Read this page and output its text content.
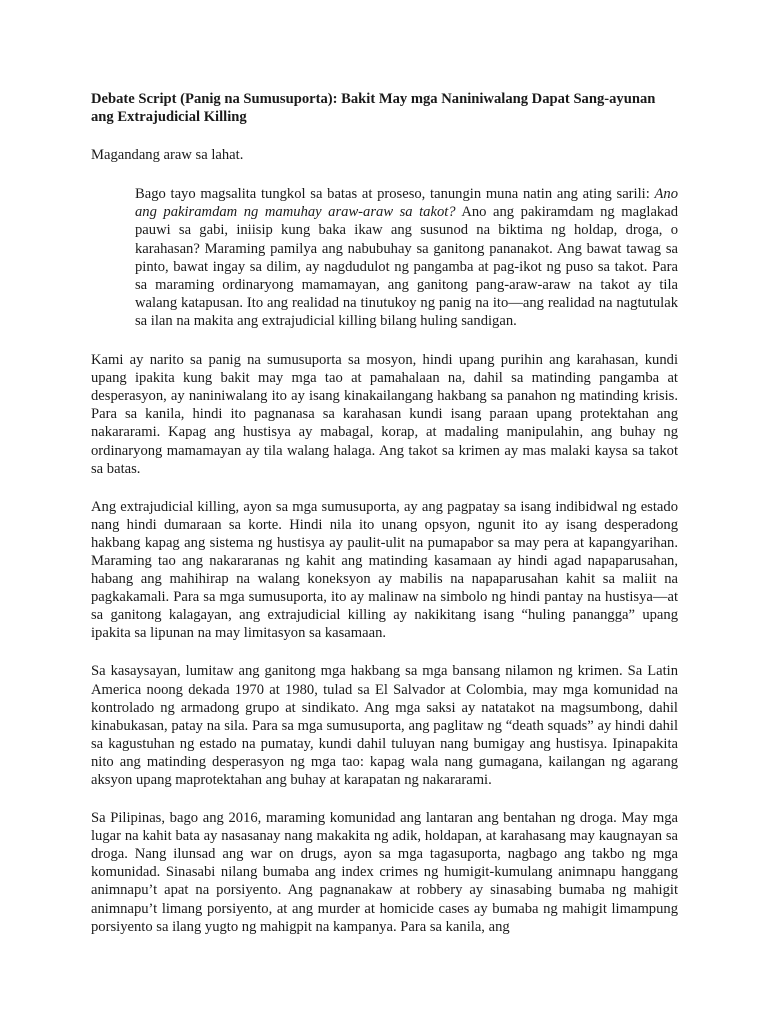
Debate Script (Panig na Sumusuporta): Bakit May mga Naniniwalang Dapat Sang-ayunan ang Extrajudicial Killing
Magandang araw sa lahat.
Bago tayo magsalita tungkol sa batas at proseso, tanungin muna natin ang ating sarili: Ano ang pakiramdam ng mamuhay araw-araw sa takot? Ano ang pakiramdam ng maglakad pauwi sa gabi, iniisip kung baka ikaw ang susunod na biktima ng holdap, droga, o karahasan? Maraming pamilya ang nabubuhay sa ganitong pananakot. Ang bawat tawag sa pinto, bawat ingay sa dilim, ay nagdudulot ng pangamba at pag-ikot ng puso sa takot. Para sa maraming ordinaryong mamamayan, ang ganitong pang-araw-araw na takot ay tila walang katapusan. Ito ang realidad na tinutukoy ng panig na ito—ang realidad na nagtutulak sa ilan na makita ang extrajudicial killing bilang huling sandigan.
Kami ay narito sa panig na sumusuporta sa mosyon, hindi upang purihin ang karahasan, kundi upang ipakita kung bakit may mga tao at pamahalaan na, dahil sa matinding pangamba at desperasyon, ay naniniwalang ito ay isang kinakailangang hakbang sa panahon ng matinding krisis. Para sa kanila, hindi ito pagnanasa sa karahasan kundi isang paraan upang protektahan ang nakararami. Kapag ang hustisya ay mabagal, korap, at madaling manipulahin, ang buhay ng ordinaryong mamamayan ay tila walang halaga. Ang takot sa krimen ay mas malaki kaysa sa takot sa batas.
Ang extrajudicial killing, ayon sa mga sumusuporta, ay ang pagpatay sa isang indibidwal ng estado nang hindi dumaraan sa korte. Hindi nila ito unang opsyon, ngunit ito ay isang desperadong hakbang kapag ang sistema ng hustisya ay paulit-ulit na pumapabor sa may pera at kapangyarihan. Maraming tao ang nakararanas ng kahit ang matinding kasamaan ay hindi agad napaparusahan, habang ang mahihirap na walang koneksyon ay mabilis na napaparusahan kahit sa maliit na pagkakamali. Para sa mga sumusuporta, ito ay malinaw na simbolo ng hindi pantay na hustisya—at sa ganitong kalagayan, ang extrajudicial killing ay nakikitang isang “huling panangga” upang ipakita sa lipunan na may limitasyon sa kasamaan.
Sa kasaysayan, lumitaw ang ganitong mga hakbang sa mga bansang nilamon ng krimen. Sa Latin America noong dekada 1970 at 1980, tulad sa El Salvador at Colombia, may mga komunidad na kontrolado ng armadong grupo at sindikato. Ang mga saksi ay natatakot na magsumbong, dahil kinabukasan, patay na sila. Para sa mga sumusuporta, ang paglitaw ng “death squads” ay hindi dahil sa kagustuhan ng estado na pumatay, kundi dahil tuluyan nang bumigay ang hustisya. Ipinapakita nito ang matinding desperasyon ng mga tao: kapag wala nang gumagana, kailangan ng agarang aksyon upang maprotektahan ang buhay at karapatan ng nakararami.
Sa Pilipinas, bago ang 2016, maraming komunidad ang lantaran ang bentahan ng droga. May mga lugar na kahit bata ay nasasanay nang makakita ng adik, holdapan, at karahasang may kaugnayan sa droga. Nang ilunsad ang war on drugs, ayon sa mga tagasuporta, nagbago ang takbo ng mga komunidad. Sinasabi nilang bumaba ang index crimes ng humigit-kumulang animnapu hanggang animnapu’t apat na porsiyento. Ang pagnanakaw at robbery ay sinasabing bumaba ng mahigit animnapu’t limang porsiyento, at ang murder at homicide cases ay bumaba ng mahigit limampung porsiyento sa ilang yugto ng mahigpit na kampanya. Para sa kanila, ang
